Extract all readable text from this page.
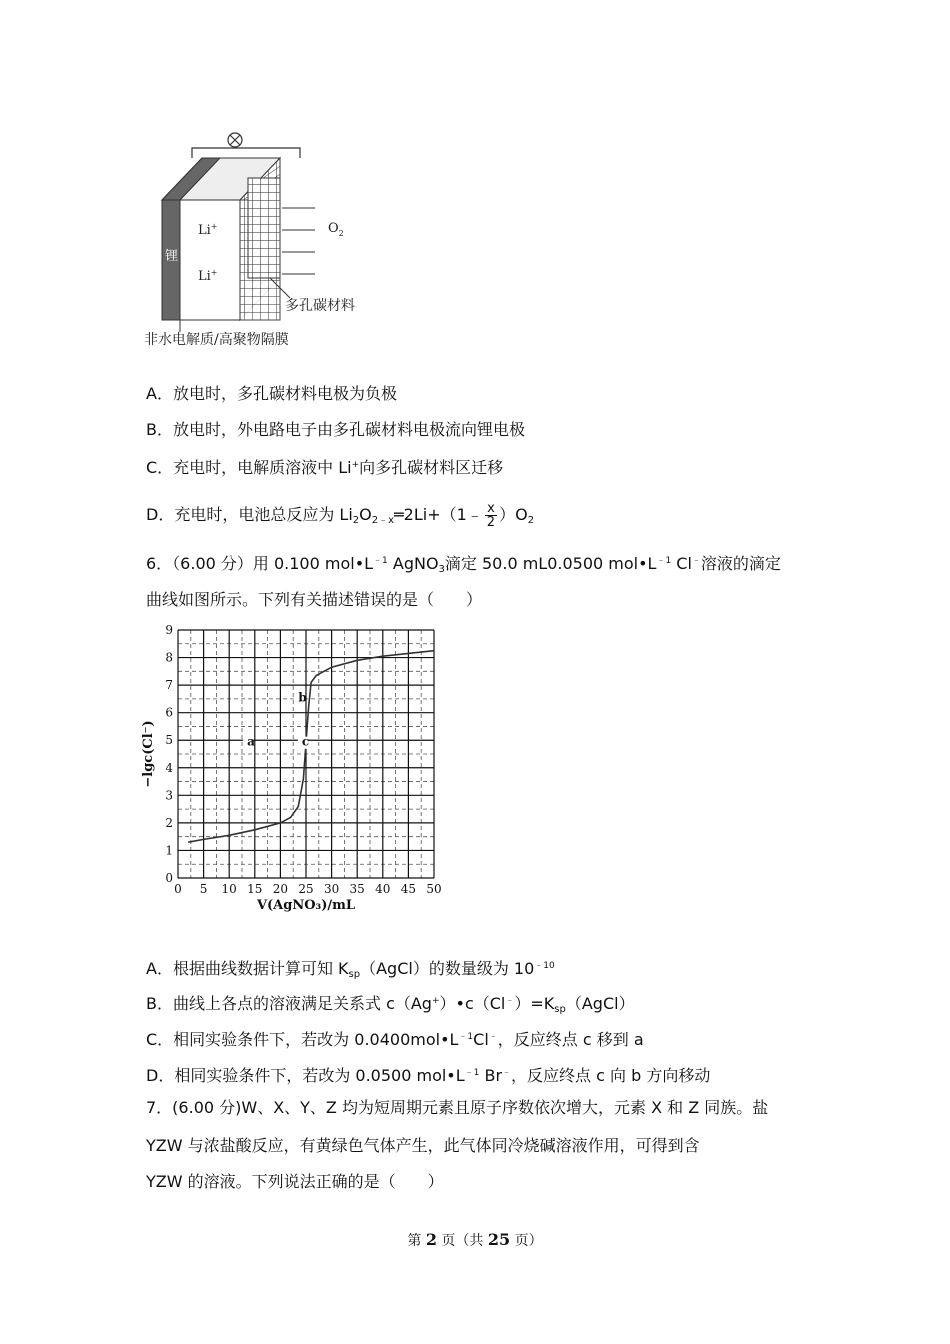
锂
Li+
Li+
$O_2$
多孔碳材料
非水电解质/高聚物隔膜
A．放电时，多孔碳材料电极为负极
B．放电时，外电路电子由多孔碳材料电极流向锂电极
C．充电时，电解质溶液中 Li+向多孔碳材料区迁移
D．充电时，电池总反应为 $Li_2O_{2﹣x}═2Li+(1﹣ \frac{x}{2} )O_2$
6．（6.00 分）用 0.100 $mol•L^{﹣1}$ AgNO$_3$滴定 50.0 mL0.0500 $mol•L^{﹣1}$ Cl﹣溶液的滴定
曲线如图所示。下列有关描述错误的是（　　）
0 5 10 15 20 25 30 35 40 45 50
0
1
2
3
4
5
6
7
8
9
V(AgNO₃)/mL
−lgc(Cl⁻)	a
b
c
A．根据曲线数据计算可知 $K_{sp}(AgCl)$的数量级为 $10^{﹣10}$
B．曲线上各点的溶液满足关系式 $c(Ag^+)•c(Cl^﹣)=K_{sp}(AgCl)$
C．相同实验条件下，若改为 $0.0400mol•L^{﹣1}Cl^﹣$，反应终点 c 移到 a
D．相同实验条件下，若改为 0.0500 $mol•L^{﹣1}$ Br﹣，反应终点 c 向 b 方向移动
7．(6.00 分)W、X、Y、Z 均为短周期元素且原子序数依次增大，元素 X 和 Z 同族。盐
YZW 与浓盐酸反应，有黄绿色气体产生，此气体同冷烧碱溶液作用，可得到含
YZW 的溶液。下列说法正确的是（　　）
第 2 页（共 25 页）
